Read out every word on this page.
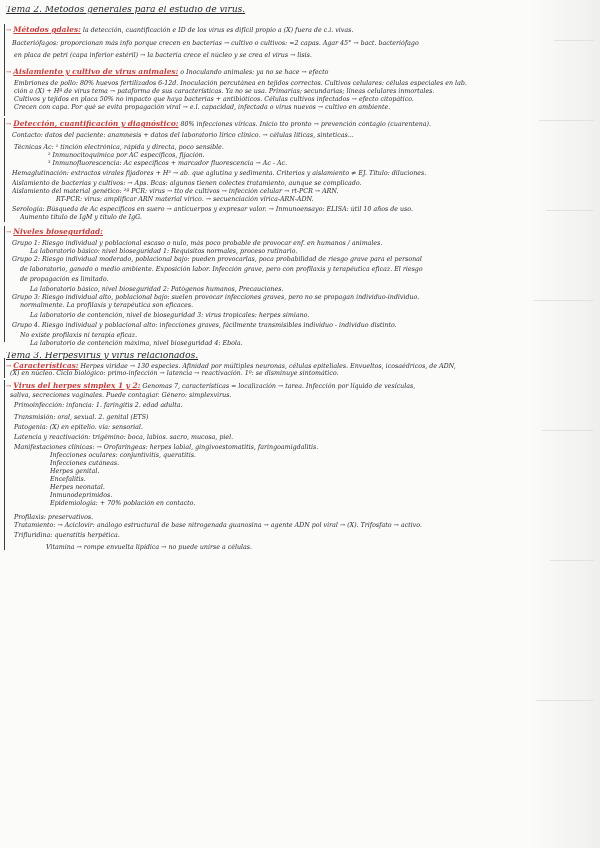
Tema 2. Métodos generales para el estudio de virus.
→ Métodos gdales: la detección, cuantificación e ID de los virus es difícil propio a (X) fuera de c.i. vivas.
Bacteriófagos: proporcionan más info porque crecen en bacterias → cultivo o cultivos: ≈2 capas. Agar 45° → bact. bacteriófago
en placa de petri (capa inferior estéril) → la bacteria crece el núcleo y se crea el virus → lisis.
→ Aislamiento y cultivo de virus animales: o Inoculando animales: ya no se hace → efecto
Embriones de pollo: 80% huevos fertilizados 6-12d. Inoculación percutánea en tejidos correctos. Cultivos celulares: células especiales en lab.
ción a (X) + Hª de virus tema → pataforma de sus características. Ya no se usa. Primarias; secundarias; líneas celulares inmortales.
Cultivos y tejidos en placa 50% no impacto que haya bacterias + antibióticos. Células cultivos infectados → efecto citopático.
Crecen con capa. Por qué se evita propagación viral → e.l. capacidad, infectada o virus nuevos → cultivo en ambiente.
→ Detección, cuantificación y diagnóstico: 80% infecciones víricas. Inicio tto pronto → prevención contagio (cuarentena).
Contacto: datos del paciente: anamnesis + datos del laboratorio lírico clínico. → células líticas, sinteticas...
Técnicas Ac: ¹ tinción electrónica, rápida y directa, poco sensible.
² Inmunocitoquímica por AC específicos, fijación.
³ Inmunofluorescencia: Ac específicos + marcador fluorescencia → Ac - Ac.
Hemaglutinación: extractos virales fijadores + H³ → ab. que aglutina y sedimenta. Criterios y aislamiento ≠ EJ. Título: diluciones.
Aislamiento de bacterias y cultivos: → Aps. Bcas: algunos tienen colectes tratamiento, aunque se complicado.
Aislamiento del material genético: ²ª PCR: virus → tto de cultivos → infección celular → rt-PCR → ARN.
RT-PCR: virus: amplificar ARN material vírico. → secuenciación vírica-ARN-ADN.
Serología: Búsqueda de Ac específicos en suero → anticuerpos y expresar valor. → Inmunoensayo: ELISA: útil 10 años de uso.
Aumento título de IgM y título de IgG.
→ Niveles bioseguridad:
Grupo 1: Riesgo individual y poblacional escaso o nulo, más poco probable de provocar enf. en humanos / animales.
La laboratorio básico: nivel bioseguridad 1: Requisitos normales, proceso rutinario.
Grupo 2: Riesgo individual moderado, poblacional bajo: pueden provocarlas, poca probabilidad de riesgo grave para el personal
de laboratorio, ganado o medio ambiente. Exposición labor. Infección grave, pero con profilaxis y terapéutica eficaz. El riesgo
de propagación es limitado.
La laboratorio básico, nivel bioseguridad 2: Patógenos humanos, Precauciones.
Grupo 3: Riesgo individual alto, poblacional bajo: suelen provocar infecciones graves, pero no se propagan individuo-individuo.
normalmente. La profilaxis y terapéutica son eficaces.
La laboratorio de contención, nivel de bioseguridad 3: virus tropicales: herpes simiano.
Grupo 4. Riesgo individual y poblacional alto: infecciones graves, fácilmente transmisibles individuo - individuo distinto.
No existe profilaxis ni terapia eficaz.
La laboratorio de contención máxima, nivel bioseguridad 4: Ébola.
Tema 3. Herpesvirus y virus relacionados.
→ Características: Herpes viridae → 130 especies. Afinidad por múltiples neuronas, células epiteliales. Envueltos, icosaédricos, de ADN,
(X) en núcleo. Ciclo biológico: primo-infección → latencia → reactivación. 1º: se disminuye sintomático.
→ Virus del herpes simplex 1 y 2: Genomas 7, características = localización → tarea. Infección por líquido de vesículas,
saliva, secreciones vaginales. Puede contagiar. Género: simplexvirus.
Primoinfección: infancia: 1. faringitis 2. edad adulta.
Transmisión: oral, sexual. 2. genital (ETS)
Patogenia: (X) en epitelio. vía: sensorial.
Latencia y reactivación: trigémino: boca, labios. sacro, mucosa, piel.
Manifestaciones clínicas: → Orofaríngeas: herpes labial, gingivoestomatitis, faringoamigdalitis.
Infecciones oculares: conjuntivitis, queratitis.
Infecciones cutáneas.
Herpes genital.
Encefalitis.
Herpes neonatal.
Inmunodeprimidos.
Epidemiología: + 70% población en contacto.
Profilaxis: preservativos.
Tratamiento: → Aciclovir: análogo estructural de base nitrogenada guanosina → agente ADN pol viral → (X). Trifosfato → activo.
Trifluridina: queratitis herpética.
Vitamina → rompe envuelta lipídica → no puede unirse a células.
